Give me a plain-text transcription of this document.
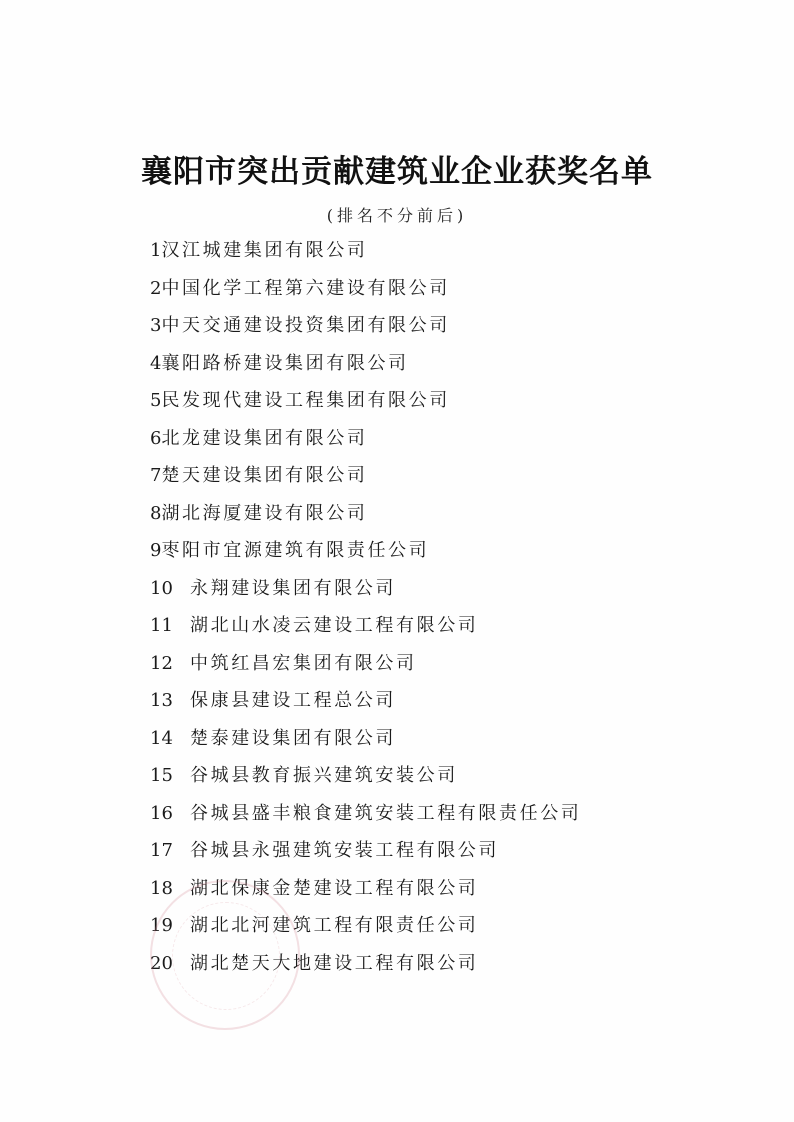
襄阳市突出贡献建筑业企业获奖名单
(排名不分前后)
1 汉江城建集团有限公司
2 中国化学工程第六建设有限公司
3 中天交通建设投资集团有限公司
4 襄阳路桥建设集团有限公司
5 民发现代建设工程集团有限公司
6 北龙建设集团有限公司
7 楚天建设集团有限公司
8 湖北海厦建设有限公司
9 枣阳市宜源建筑有限责任公司
10 永翔建设集团有限公司
11 湖北山水凌云建设工程有限公司
12 中筑红昌宏集团有限公司
13 保康县建设工程总公司
14 楚泰建设集团有限公司
15 谷城县教育振兴建筑安装公司
16 谷城县盛丰粮食建筑安装工程有限责任公司
17 谷城县永强建筑安装工程有限公司
18 湖北保康金楚建设工程有限公司
19 湖北北河建筑工程有限责任公司
20 湖北楚天大地建设工程有限公司
